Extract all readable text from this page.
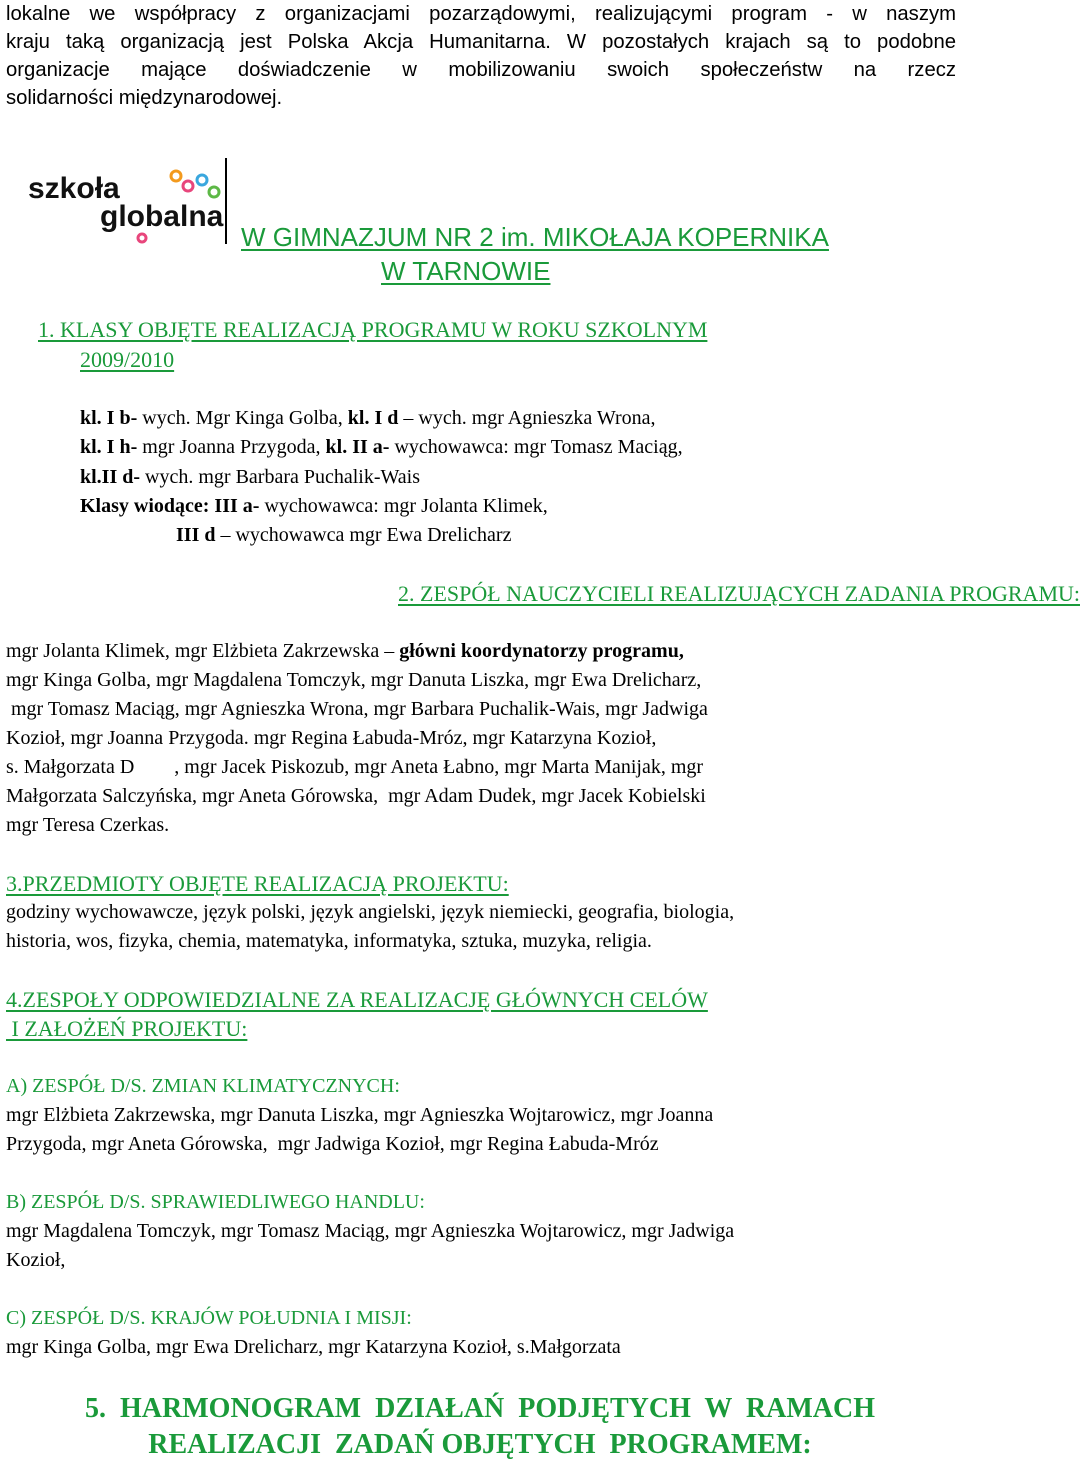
lokalne we współpracy z organizacjami pozarządowymi, realizującymi program - w naszym
kraju taką organizacją jest Polska Akcja Humanitarna. W pozostałych krajach są to podobne
organizacje mające doświadczenie w mobilizowaniu swoich społeczeństw na rzecz
solidarności międzynarodowej.
szkoła
globalna
W GIMNAZJUM NR 2 im. MIKOŁAJA KOPERNIKA
W TARNOWIE
1. KLASY OBJĘTE REALIZACJĄ PROGRAMU W ROKU SZKOLNYM
2009/2010
kl. I b- wych. Mgr Kinga Golba, kl. I d – wych. mgr Agnieszka Wrona,
kl. I h- mgr Joanna Przygoda, kl. II a- wychowawca: mgr Tomasz Maciąg,
kl.II d- wych. mgr Barbara Puchalik-Wais
Klasy wiodące: III a- wychowawca: mgr Jolanta Klimek,
III d – wychowawca mgr Ewa Drelicharz
2. ZESPÓŁ NAUCZYCIELI REALIZUJĄCYCH ZADANIA PROGRAMU:
mgr Jolanta Klimek, mgr Elżbieta Zakrzewska – główni koordynatorzy programu,
mgr Kinga Golba, mgr Magdalena Tomczyk, mgr Danuta Liszka, mgr Ewa Drelicharz,
mgr Tomasz Maciąg, mgr Agnieszka Wrona, mgr Barbara Puchalik-Wais, mgr Jadwiga
Kozioł, mgr Joanna Przygoda. mgr Regina Łabuda-Mróz, mgr Katarzyna Kozioł,
s. Małgorzata D        , mgr Jacek Piskozub, mgr Aneta Łabno, mgr Marta Manijak, mgr
Małgorzata Salczyńska, mgr Aneta Górowska,  mgr Adam Dudek, mgr Jacek Kobielski
mgr Teresa Czerkas.
3.PRZEDMIOTY OBJĘTE REALIZACJĄ PROJEKTU:
godziny wychowawcze, język polski, język angielski, język niemiecki, geografia, biologia,
historia, wos, fizyka, chemia, matematyka, informatyka, sztuka, muzyka, religia.
4.ZESPOŁY ODPOWIEDZIALNE ZA REALIZACJĘ GŁÓWNYCH CELÓW
I ZAŁOŻEŃ PROJEKTU:
A) ZESPÓŁ D/S. ZMIAN KLIMATYCZNYCH:
mgr Elżbieta Zakrzewska, mgr Danuta Liszka, mgr Agnieszka Wojtarowicz, mgr Joanna
Przygoda, mgr Aneta Górowska,  mgr Jadwiga Kozioł, mgr Regina Łabuda-Mróz
B) ZESPÓŁ D/S. SPRAWIEDLIWEGO HANDLU:
mgr Magdalena Tomczyk, mgr Tomasz Maciąg, mgr Agnieszka Wojtarowicz, mgr Jadwiga
Kozioł,
C) ZESPÓŁ D/S. KRAJÓW POŁUDNIA I MISJI:
mgr Kinga Golba, mgr Ewa Drelicharz, mgr Katarzyna Kozioł, s.Małgorzata
5.  HARMONOGRAM  DZIAŁAŃ  PODJĘTYCH  W  RAMACH
REALIZACJI  ZADAŃ OBJĘTYCH  PROGRAMEM:
